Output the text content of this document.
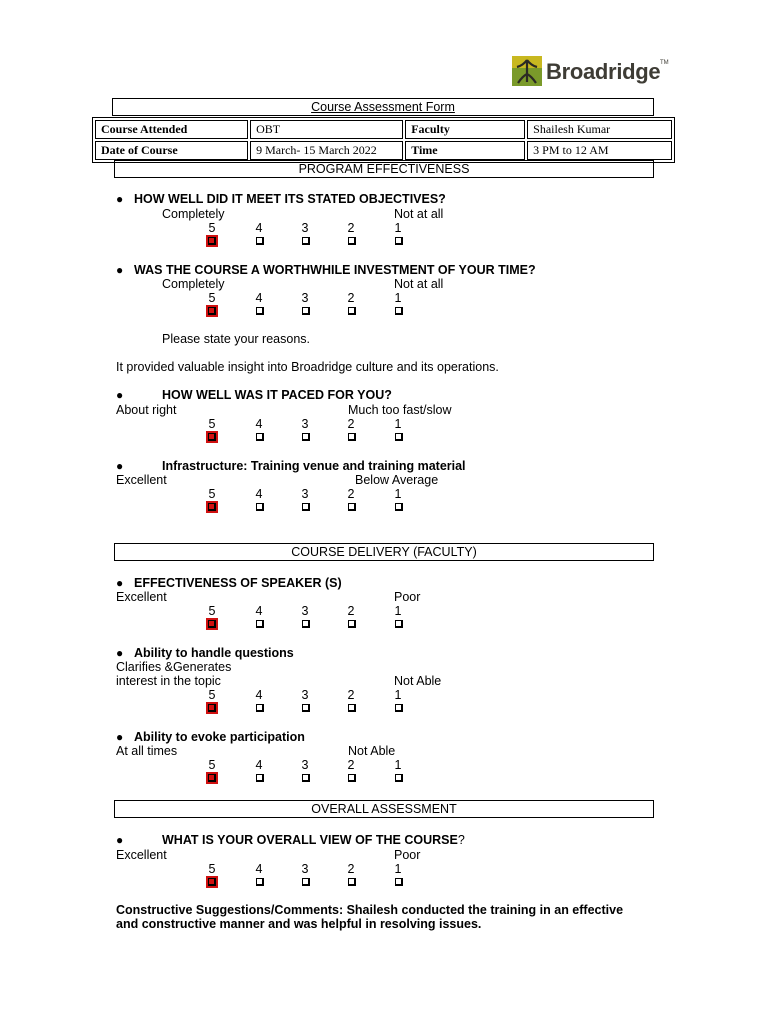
Broadridge TM
Course Assessment Form
Course Attended	OBT	Faculty	Shailesh Kumar
Date of Course	9 March- 15 March 2022	Time	3 PM to 12 AM
PROGRAM EFFECTIVENESS
● HOW WELL DID IT MEET ITS STATED OBJECTIVES?
Completely	Not at all
5	4	3	2	1
● WAS THE COURSE A WORTHWHILE INVESTMENT OF YOUR TIME?
Completely	Not at all
5	4	3	2	1
Please state your reasons.
It provided valuable insight into Broadridge culture and its operations.
●	HOW WELL WAS IT PACED FOR YOU?
About right	Much too fast/slow
5	4	3	2	1
●	Infrastructure: Training venue and training material
Excellent	Below Average
5	4	3	2	1
COURSE DELIVERY (FACULTY)
● EFFECTIVENESS OF SPEAKER (S)
Excellent	Poor
5	4	3	2	1
● Ability to handle questions
Clarifies &Generates
interest in the topic	Not Able
5	4	3	2	1
● Ability to evoke participation
At all times	Not Able
5	4	3	2	1
OVERALL ASSESSMENT
●	WHAT IS YOUR OVERALL VIEW OF THE COURSE?
Excellent	Poor
5	4	3	2	1
Constructive Suggestions/Comments: Shailesh conducted the training in an effective
and constructive manner and was helpful in resolving issues.
